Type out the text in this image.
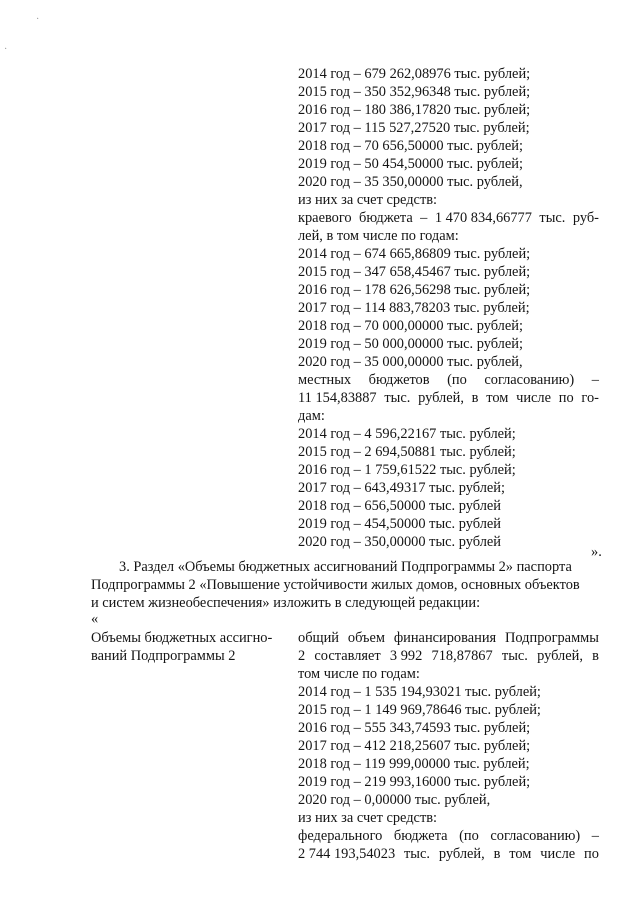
·
·
2014 год – 679 262,08976 тыс. рублей;
2015 год – 350 352,96348 тыс. рублей;
2016 год – 180 386,17820 тыс. рублей;
2017 год – 115 527,27520 тыс. рублей;
2018 год – 70 656,50000 тыс. рублей;
2019 год – 50 454,50000 тыс. рублей;
2020 год – 35 350,00000 тыс. рублей,
из них за счет средств:
краевого бюджета – 1 470 834,66777 тыс. руб-
лей, в том числе по годам:
2014 год – 674 665,86809 тыс. рублей;
2015 год – 347 658,45467 тыс. рублей;
2016 год – 178 626,56298 тыс. рублей;
2017 год – 114 883,78203 тыс. рублей;
2018 год – 70 000,00000 тыс. рублей;
2019 год – 50 000,00000 тыс. рублей;
2020 год – 35 000,00000 тыс. рублей,
местных бюджетов (по согласованию) –
11 154,83887 тыс. рублей, в том числе по го-
дам:
2014 год – 4 596,22167 тыс. рублей;
2015 год – 2 694,50881 тыс. рублей;
2016 год – 1 759,61522 тыс. рублей;
2017 год – 643,49317 тыс. рублей;
2018 год – 656,50000 тыс. рублей
2019 год – 454,50000 тыс. рублей
2020 год – 350,00000 тыс. рублей
».
3. Раздел «Объемы бюджетных ассигнований Подпрограммы 2» паспорта
Подпрограммы 2 «Повышение устойчивости жилых домов, основных объектов
и систем жизнеобеспечения» изложить в следующей редакции:
«
Объемы бюджетных ассигно-
ваний Подпрограммы 2
общий объем финансирования Подпрограммы
2 составляет 3 992 718,87867 тыс. рублей, в
том числе по годам:
2014 год – 1 535 194,93021 тыс. рублей;
2015 год – 1 149 969,78646 тыс. рублей;
2016 год – 555 343,74593 тыс. рублей;
2017 год – 412 218,25607 тыс. рублей;
2018 год – 119 999,00000 тыс. рублей;
2019 год – 219 993,16000 тыс. рублей;
2020 год – 0,00000 тыс. рублей,
из них за счет средств:
федерального бюджета (по согласованию) –
2 744 193,54023 тыс. рублей, в том числе по
